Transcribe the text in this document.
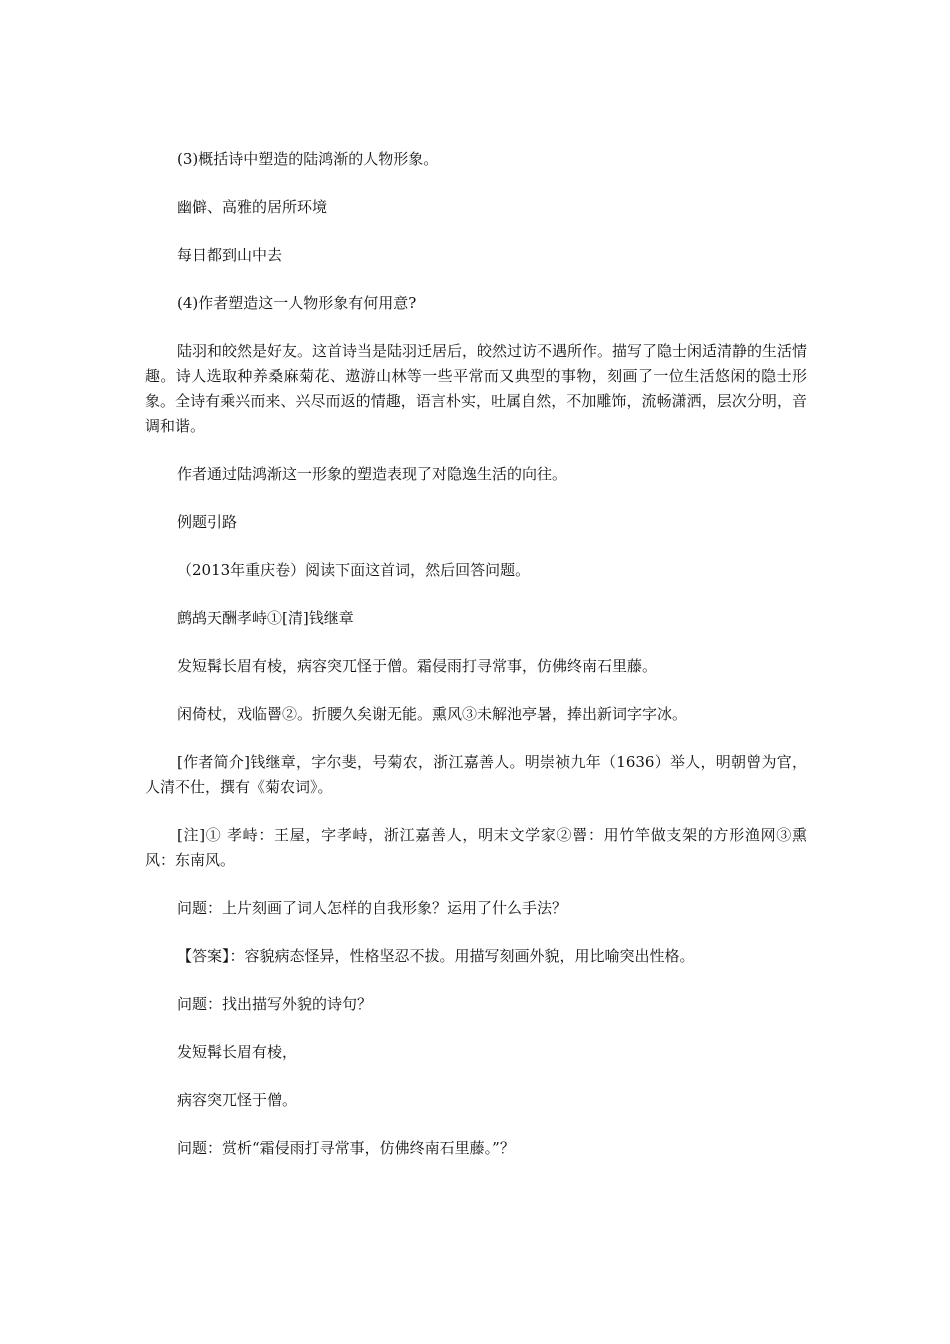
(3)概括诗中塑造的陆鸿渐的人物形象。

幽僻、高雅的居所环境

每日都到山中去

(4)作者塑造这一人物形象有何用意?

陆羽和皎然是好友。这首诗当是陆羽迁居后，皎然过访不遇所作。描写了隐士闲适清静的生活情趣。诗人选取种养桑麻菊花、遨游山林等一些平常而又典型的事物，刻画了一位生活悠闲的隐士形象。全诗有乘兴而来、兴尽而返的情趣，语言朴实，吐属自然，不加雕饰，流畅潇洒，层次分明，音调和谐。

作者通过陆鸿渐这一形象的塑造表现了对隐逸生活的向往。

例题引路

（2013年重庆卷）阅读下面这首词，然后回答问题。

鹧鸪天酬孝峙①[清]钱继章

发短髯长眉有棱，病容突兀怪于僧。霜侵雨打寻常事，仿佛终南石里藤。

闲倚杖，戏临罾②。折腰久矣谢无能。熏风③未解池亭暑，捧出新词字字冰。

[作者简介]钱继章，字尔斐，号菊农，浙江嘉善人。明崇祯九年（1636）举人，明朝曾为官，人清不仕，撰有《菊农词》。

[注]① 孝峙：王屋，字孝峙，浙江嘉善人，明末文学家②罾：用竹竿做支架的方形渔网③熏风：东南风。

问题：上片刻画了词人怎样的自我形象？运用了什么手法？

【答案】：容貌病态怪异，性格坚忍不拔。用描写刻画外貌，用比喻突出性格。

问题：找出描写外貌的诗句？

发短髯长眉有棱，

病容突兀怪于僧。

问题：赏析“霜侵雨打寻常事，仿佛终南石里藤。”？
